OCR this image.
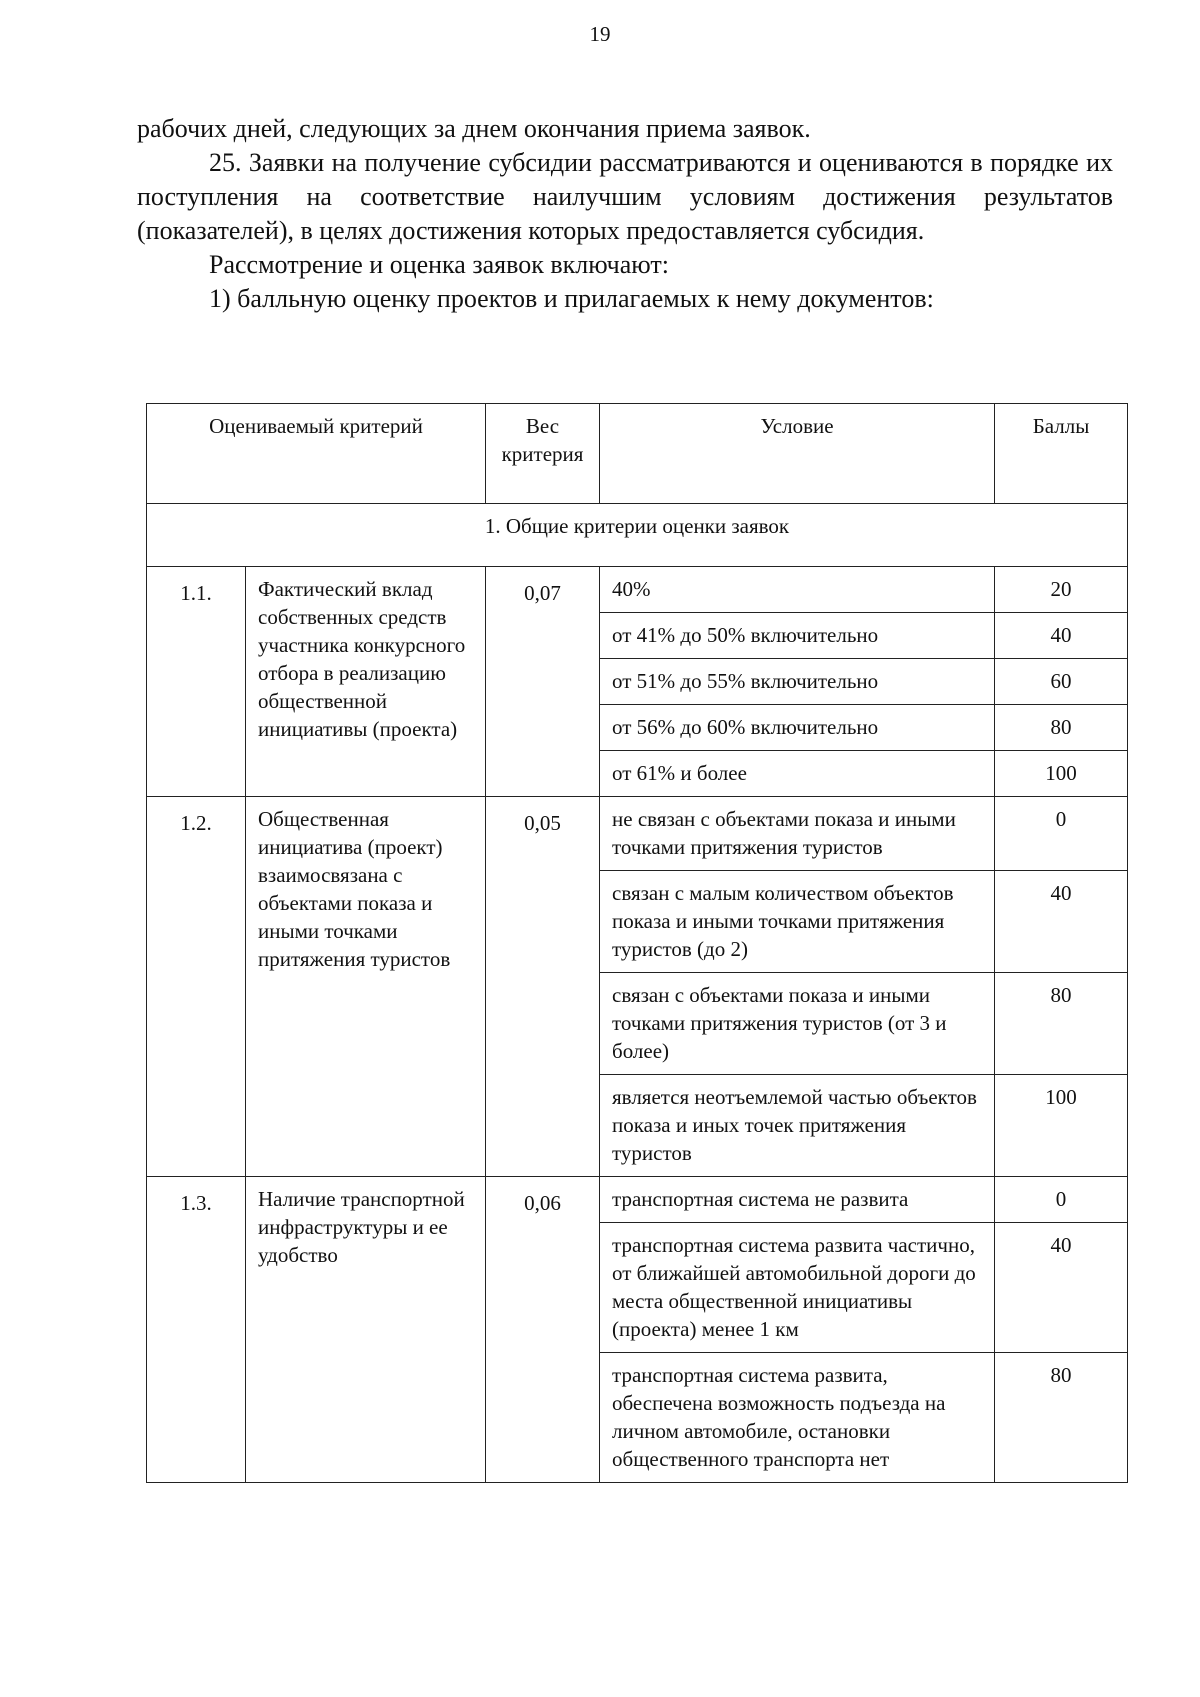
19

рабочих дней, следующих за днем окончания приема заявок.

25. Заявки на получение субсидии рассматриваются и оцениваются в порядке их поступления на соответствие наилучшим условиям достижения результатов (показателей), в целях достижения которых предоставляется субсидия.

Рассмотрение и оценка заявок включают:

1) балльную оценку проектов и прилагаемых к нему документов:

Оцениваемый критерий		Вес критерия	Условие	Баллы
1. Общие критерии оценки заявок				
1.1.	Фактический вклад собственных средств участника конкурсного отбора в реализацию общественной инициативы (проекта)	0,07	40%	20
			от 41% до 50% включительно	40
			от 51% до 55% включительно	60
			от 56% до 60% включительно	80
			от 61% и более	100
1.2.	Общественная инициатива (проект) взаимосвязана с объектами показа и иными точками притяжения туристов	0,05	не связан с объектами показа и иными точками притяжения туристов	0
			связан с малым количеством объектов показа и иными точками притяжения туристов (до 2)	40
			связан с объектами показа и иными точками притяжения туристов (от 3 и более)	80
			является неотъемлемой частью объектов показа и иных точек притяжения туристов	100
1.3.	Наличие транспортной инфраструктуры и ее удобство	0,06	транспортная система не развита	0
			транспортная система развита частично, от ближайшей автомобильной дороги до места общественной инициативы (проекта) менее 1 км	40
			транспортная система развита, обеспечена возможность подъезда на личном автомобиле, остановки общественного транспорта нет	80
